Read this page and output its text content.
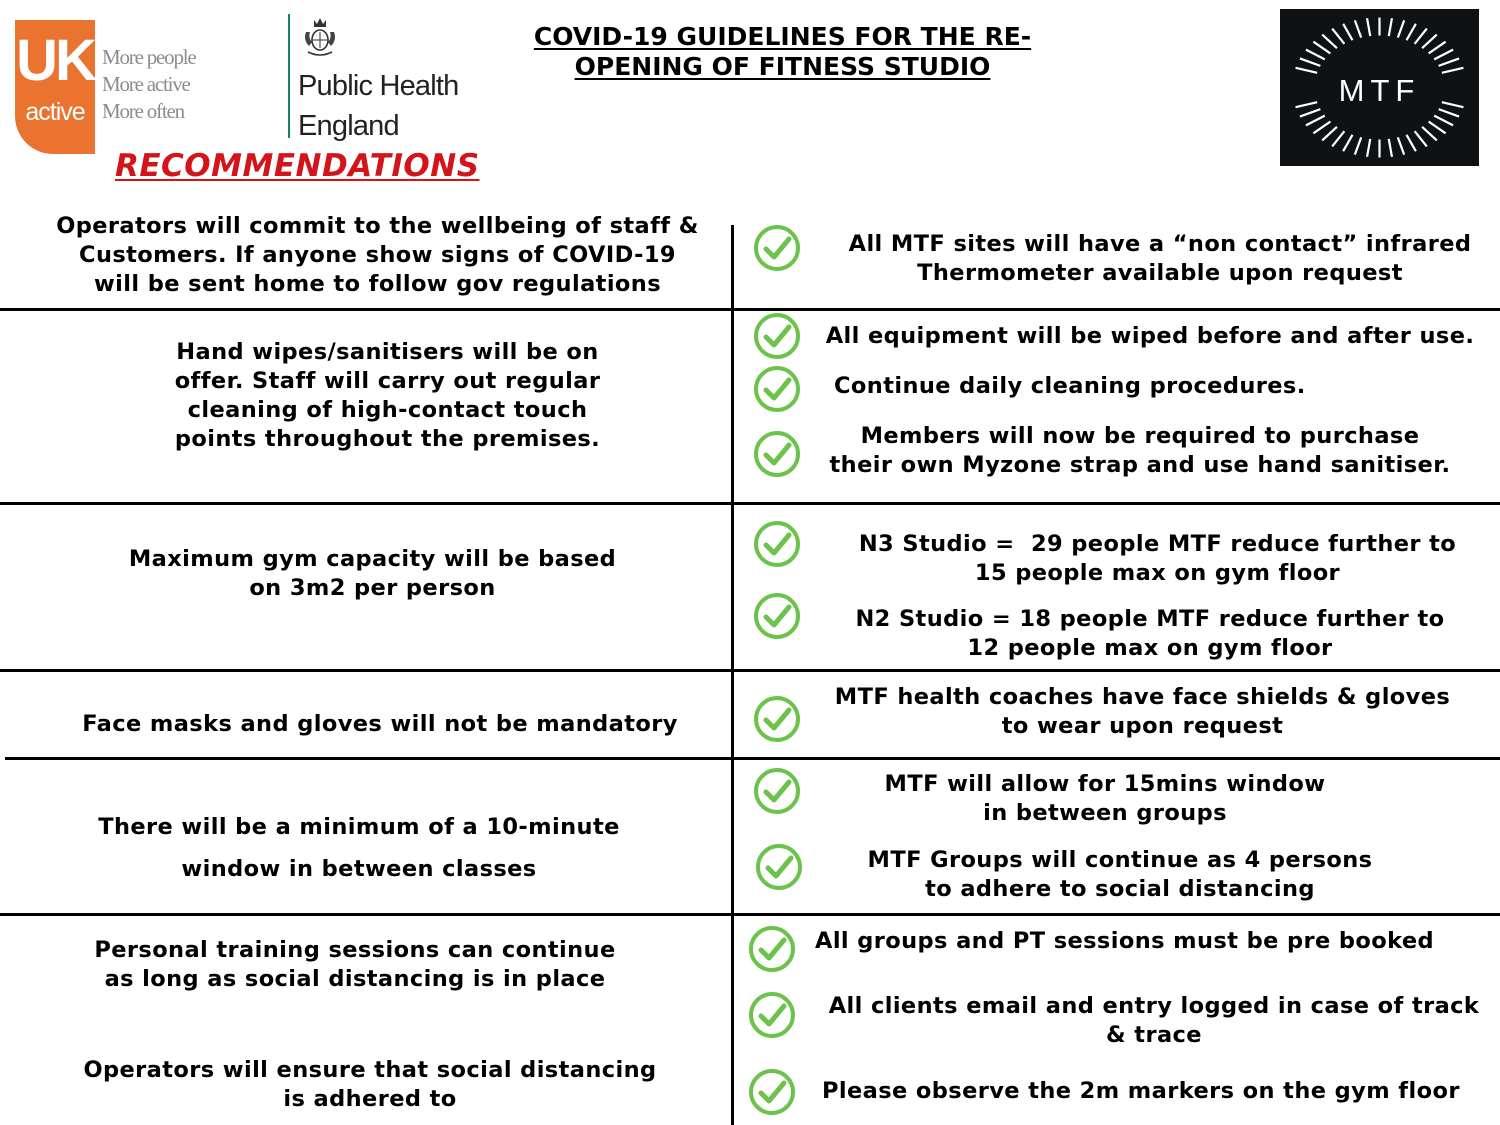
UK
active
More people
More active
More often
Public Health
England
COVID-19 GUIDELINES FOR THE RE-
OPENING OF FITNESS STUDIO
RECOMMENDATIONS
MTF
Operators will commit to the wellbeing of staff &
Customers. If anyone show signs of COVID-19
will be sent home to follow gov regulations
All MTF sites will have a “non contact” infrared
Thermometer available upon request
Hand wipes/sanitisers will be on
offer. Staff will carry out regular
cleaning of high-contact touch
points throughout the premises.
All equipment will be wiped before and after use.
Continue daily cleaning procedures.
Members will now be required to purchase
their own Myzone strap and use hand sanitiser.
Maximum gym capacity will be based
on 3m2 per person
N3 Studio =  29 people MTF reduce further to
15 people max on gym floor
N2 Studio = 18 people MTF reduce further to
12 people max on gym floor
Face masks and gloves will not be mandatory
MTF health coaches have face shields & gloves
to wear upon request
There will be a minimum of a 10-minute
window in between classes
MTF will allow for 15mins window
in between groups
MTF Groups will continue as 4 persons
to adhere to social distancing
Personal training sessions can continue
as long as social distancing is in place
Operators will ensure that social distancing
is adhered to
All groups and PT sessions must be pre booked
All clients email and entry logged in case of track
& trace
Please observe the 2m markers on the gym floor
